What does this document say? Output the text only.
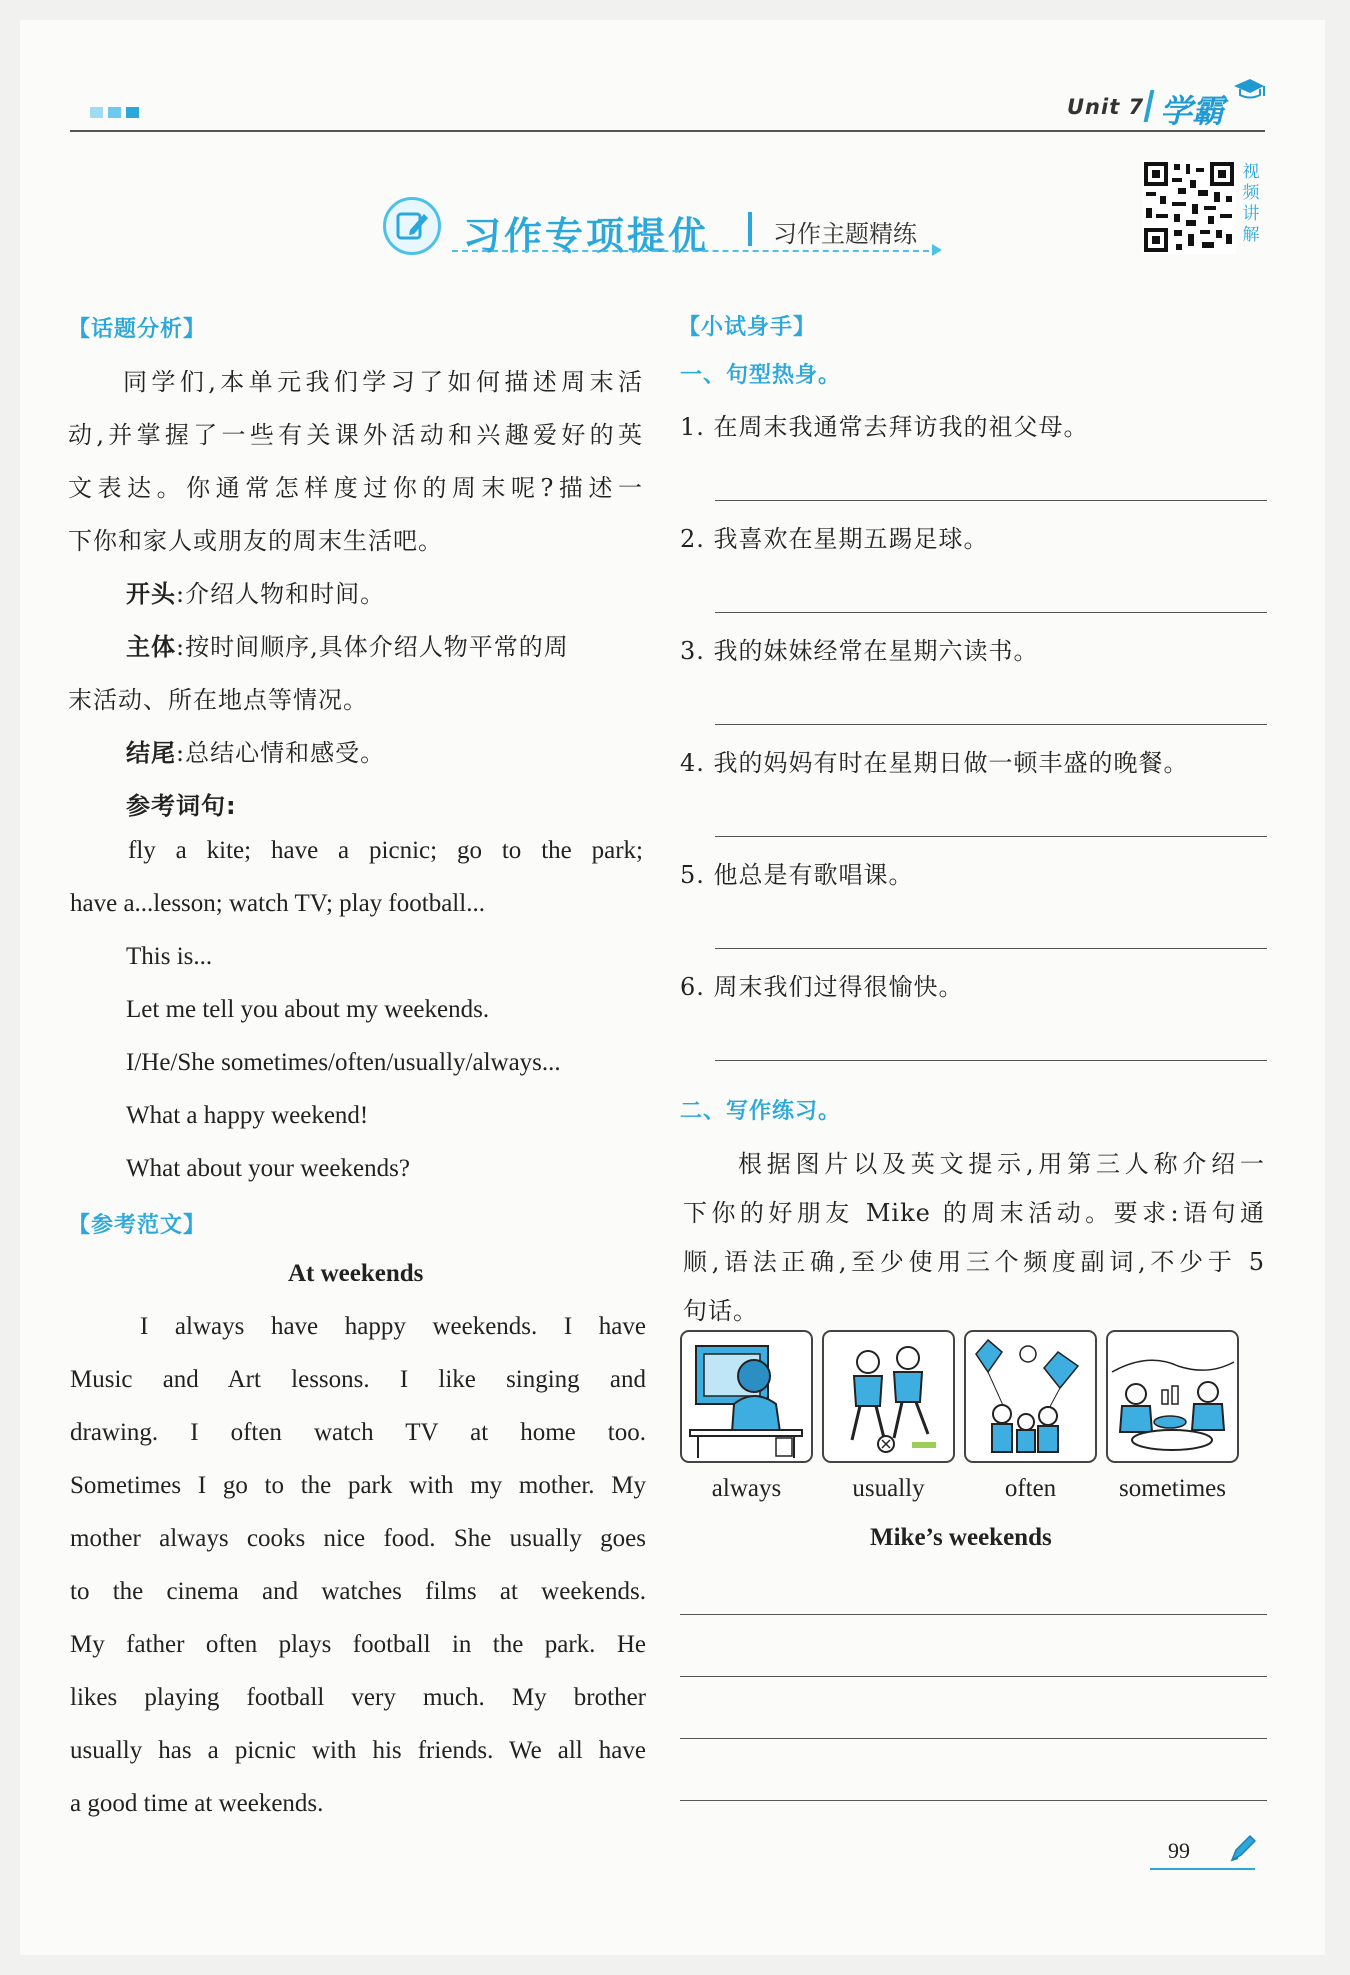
Unit 7 学霸
习作专项提优	习作主题精练
视频讲解
【话题分析】
同学们,本单元我们学习了如何描述周末活
动,并掌握了一些有关课外活动和兴趣爱好的英
文表达。你通常怎样度过你的周末呢?描述一
下你和家人或朋友的周末生活吧。
开头:介绍人物和时间。
主体:按时间顺序,具体介绍人物平常的周
末活动、所在地点等情况。
结尾:总结心情和感受。
参考词句:
fly a kite; have a picnic; go to the park;
have a...lesson; watch TV; play football...
This is...
Let me tell you about my weekends.
I/He/She sometimes/often/usually/always...
What a happy weekend!
What about your weekends?
【参考范文】
At weekends
I always have happy weekends. I have
Music and Art lessons. I like singing and
drawing. I often watch TV at home too.
Sometimes I go to the park with my mother. My
mother always cooks nice food. She usually goes
to the cinema and watches films at weekends.
My father often plays football in the park. He
likes playing football very much. My brother
usually has a picnic with his friends. We all have
a good time at weekends.
【小试身手】
一、句型热身。
1. 在周末我通常去拜访我的祖父母。
2. 我喜欢在星期五踢足球。
3. 我的妹妹经常在星期六读书。
4. 我的妈妈有时在星期日做一顿丰盛的晚餐。
5. 他总是有歌唱课。
6. 周末我们过得很愉快。
二、写作练习。
根据图片以及英文提示,用第三人称介绍一
下你的好朋友 Mike 的周末活动。要求:语句通
顺,语法正确,至少使用三个频度副词,不少于 5
句话。
always	usually	often	sometimes
Mike’s weekends
99
